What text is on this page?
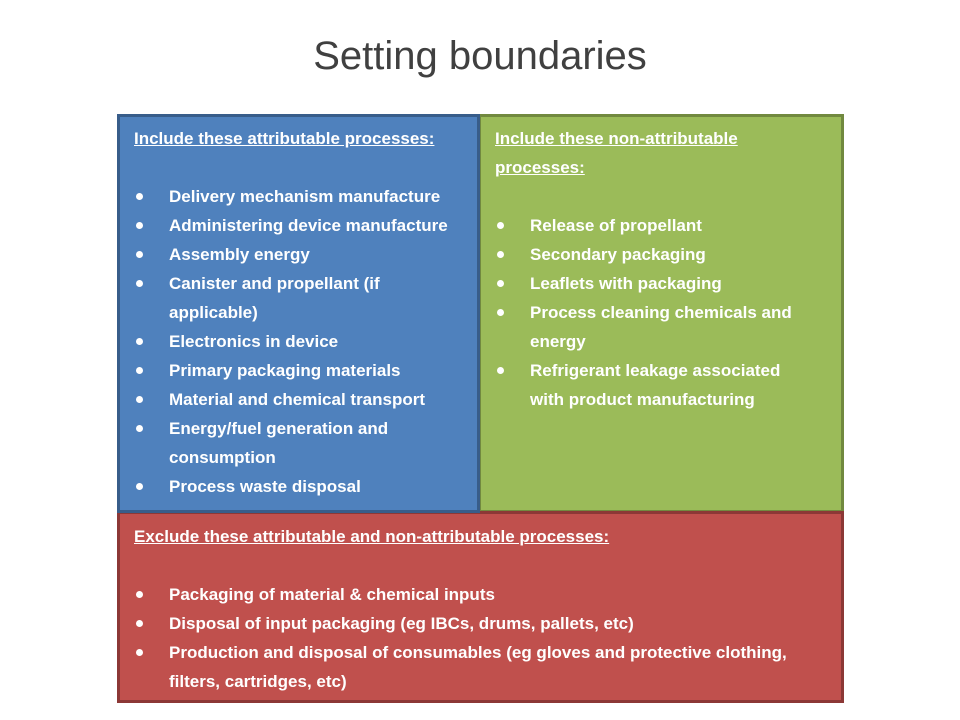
Setting boundaries
Include these attributable processes:
Delivery mechanism manufacture
Administering device manufacture
Assembly energy
Canister and propellant (if applicable)
Electronics in device
Primary packaging materials
Material and chemical transport
Energy/fuel generation and consumption
Process waste disposal
Include these non-attributable processes:
Release of propellant
Secondary packaging
Leaflets with packaging
Process cleaning chemicals and energy
Refrigerant leakage associated with product manufacturing
Exclude these attributable and non-attributable processes:
Packaging of material & chemical inputs
Disposal of input packaging (eg IBCs, drums, pallets, etc)
Production and disposal of consumables (eg gloves and protective clothing, filters, cartridges, etc)
